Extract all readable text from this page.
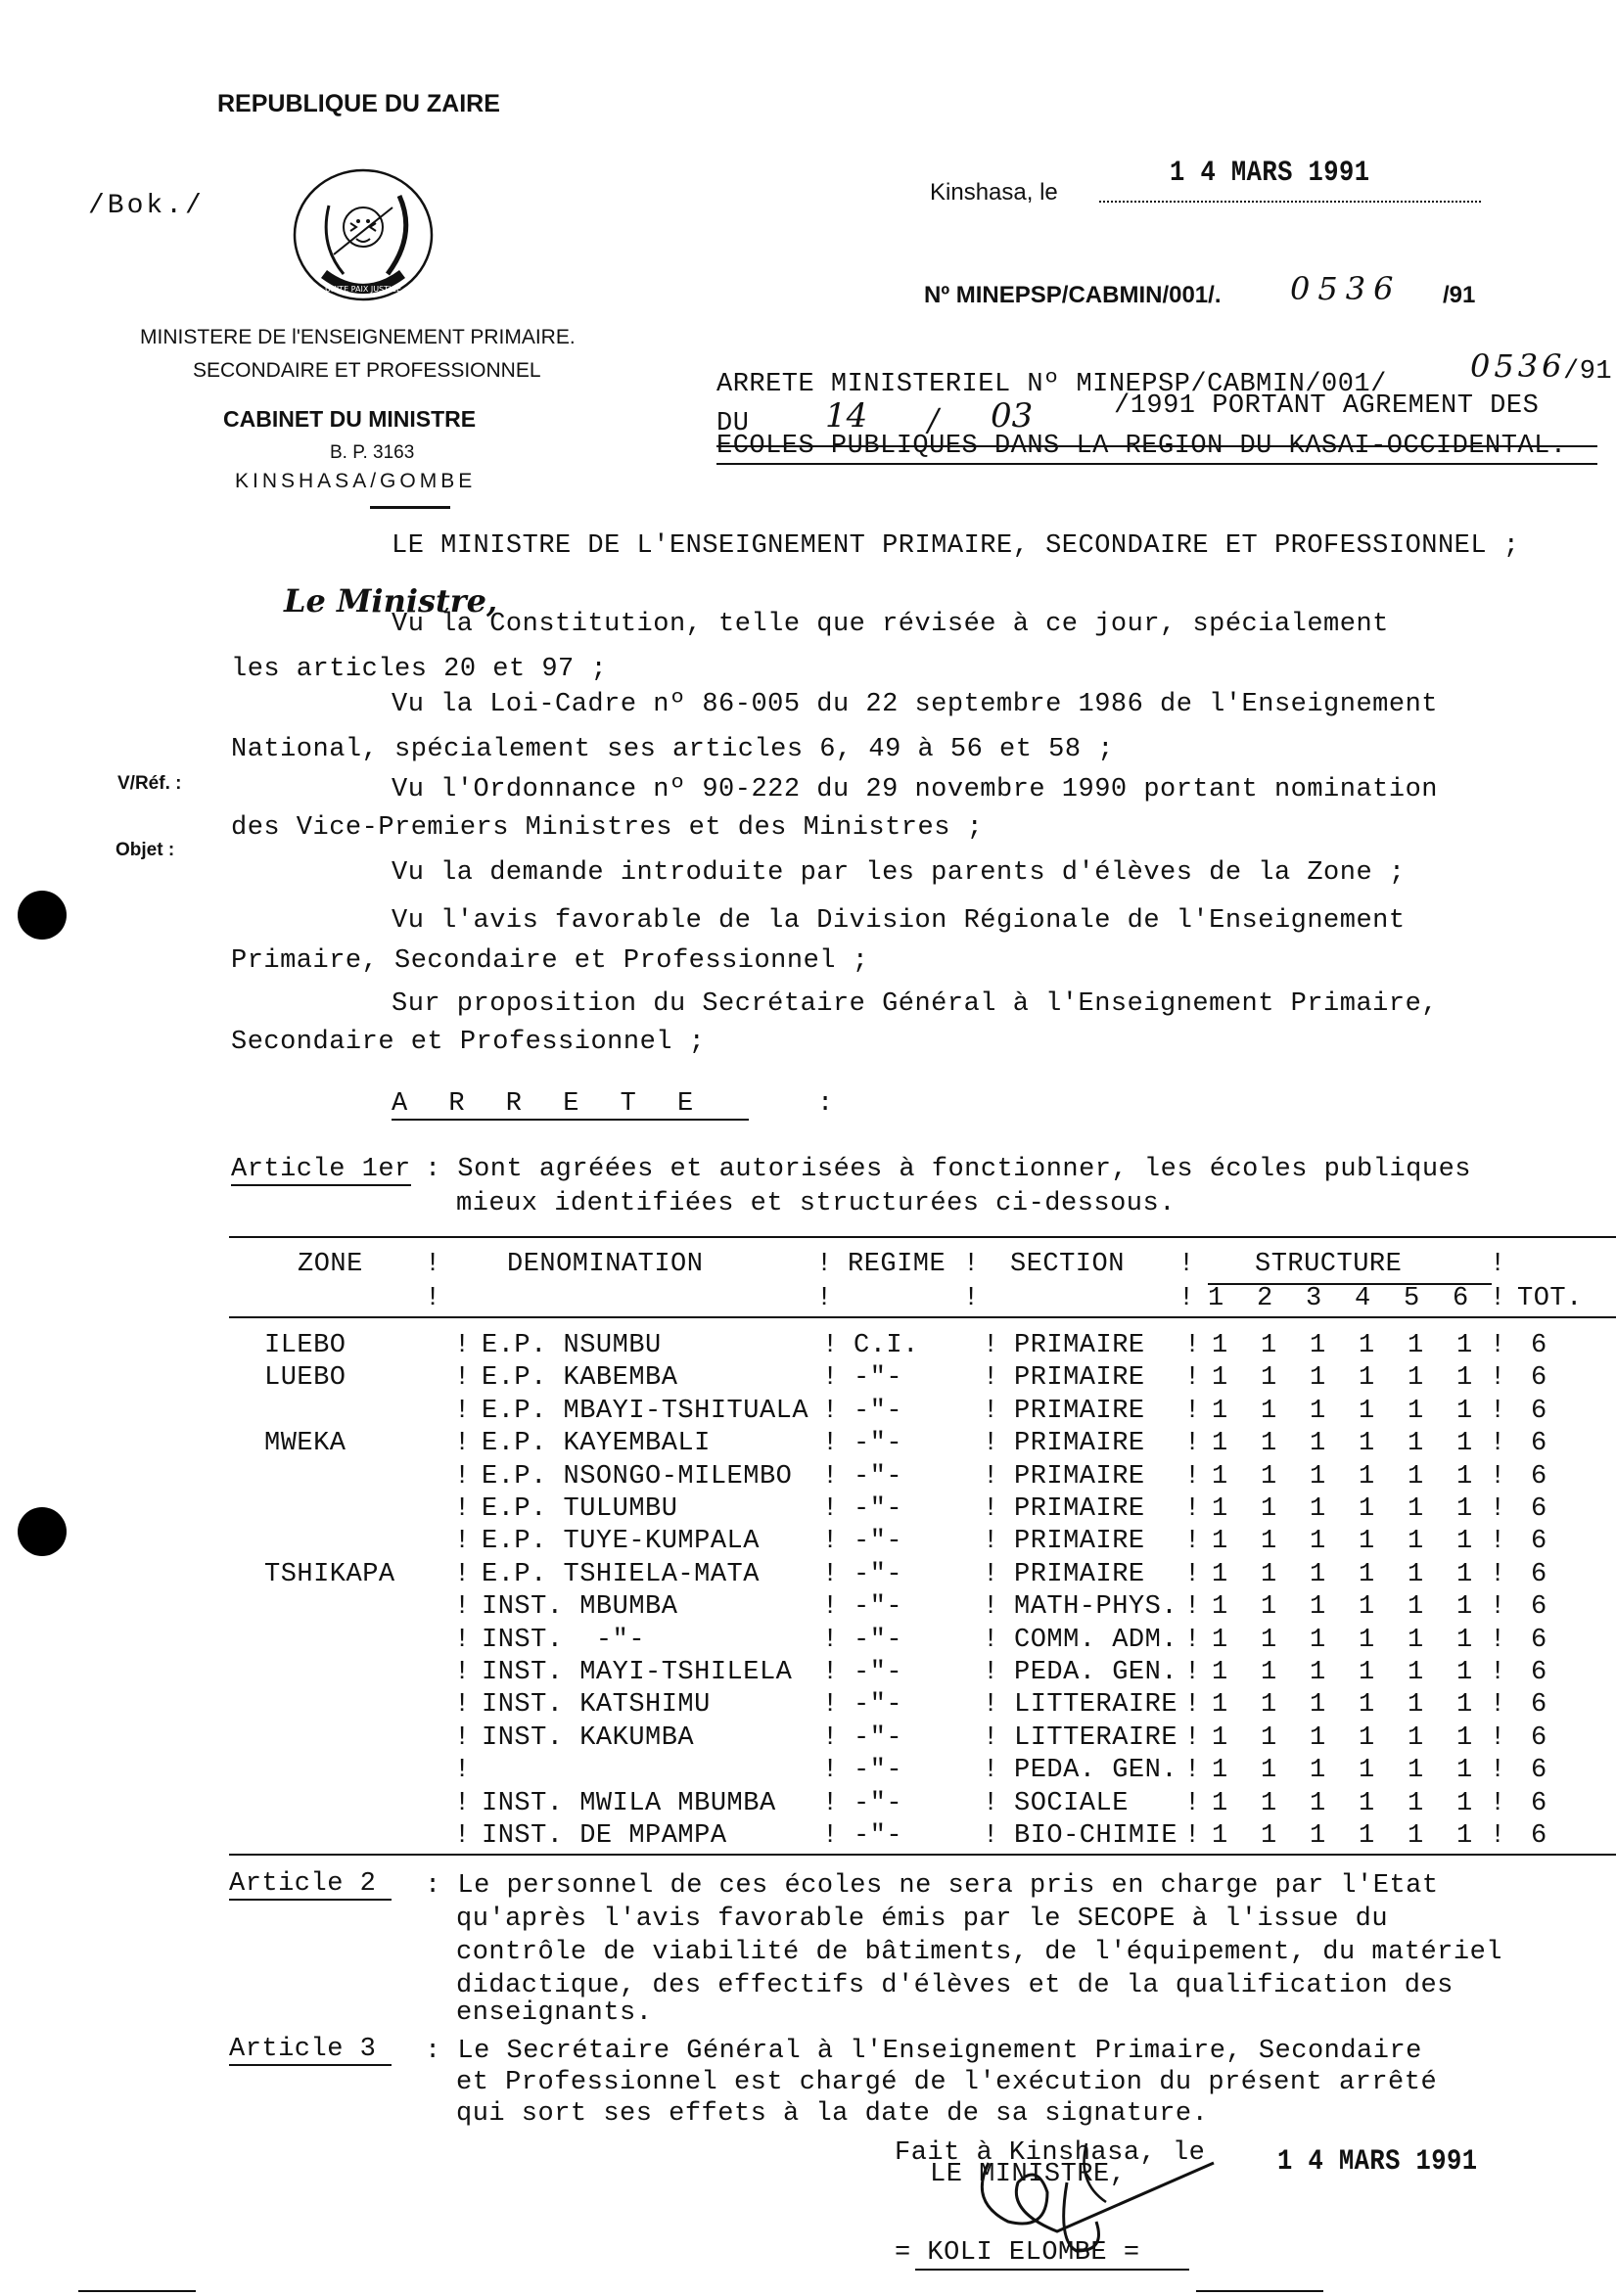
REPUBLIQUE DU ZAIRE
/Bok./
UNITE PAIX JUSTICE
MINISTERE DE l'ENSEIGNEMENT PRIMAIRE.
SECONDAIRE ET PROFESSIONNEL
CABINET DU MINISTRE
B. P. 3163
KINSHASA/GOMBE
Kinshasa, le
1 4 MARS 1991
Nº MINEPSP/CABMIN/001/. 0536 /91
ARRETE MINISTERIEL Nº MINEPSP/CABMIN/001/	0536
/91
DU 14 / 03	/1991 PORTANT AGREMENT DES
ECOLES PUBLIQUES DANS LA REGION DU KASAI-OCCIDENTAL.
LE MINISTRE DE L'ENSEIGNEMENT PRIMAIRE, SECONDAIRE ET PROFESSIONNEL ;
Le Ministre,
V/Réf. :
Objet :
Vu la Constitution, telle que révisée à ce jour, spécialement
les articles 20 et 97 ;
Vu la Loi-Cadre nº 86-005 du 22 septembre 1986 de l'Enseignement
National, spécialement ses articles 6, 49 à 56 et 58 ;
Vu l'Ordonnance nº 90-222 du 29 novembre 1990 portant nomination
des Vice-Premiers Ministres et des Ministres ;
Vu la demande introduite par les parents d'élèves de la Zone ;
Vu l'avis favorable de la Division Régionale de l'Enseignement
Primaire, Secondaire et Professionnel ;
Sur proposition du Secrétaire Général à l'Enseignement Primaire,
Secondaire et Professionnel ;
A R R E T E	:
Article 1er : Sont agréées et autorisées à fonctionner, les écoles publiques
mieux identifiées et structurées ci-dessous.
ZONE ! DENOMINATION	! REGIME ! SECTION ! STRUCTURE	!
!	!	!	! 1 2 3 4 5 6 ! TOT.
ILEBO	! E.P. NSUMBU	! C.I. ! PRIMAIRE ! 1 1 1 1 1 1 ! 6
LUEBO	! E.P. KABEMBA	! -"-	! PRIMAIRE ! 1 1 1 1 1 1 ! 6
! E.P. MBAYI-TSHITUALA ! -"-	! PRIMAIRE ! 1 1 1 1 1 1 ! 6
MWEKA	! E.P. KAYEMBALI	! -"-	! PRIMAIRE ! 1 1 1 1 1 1 ! 6
! E.P. NSONGO-MILEMBO ! -"-	! PRIMAIRE ! 1 1 1 1 1 1 ! 6
! E.P. TULUMBU	! -"-	! PRIMAIRE ! 1 1 1 1 1 1 ! 6
! E.P. TUYE-KUMPALA ! -"-	! PRIMAIRE ! 1 1 1 1 1 1 ! 6
TSHIKAPA ! E.P. TSHIELA-MATA ! -"-	! PRIMAIRE ! 1 1 1 1 1 1 ! 6
! INST. MBUMBA	! -"-	! MATH-PHYS. ! 1 1 1 1 1 1 ! 6
! INST.  -"-	! -"-	! COMM. ADM. ! 1 1 1 1 1 1 ! 6
! INST. MAYI-TSHILELA ! -"-	! PEDA. GEN. ! 1 1 1 1 1 1 ! 6
! INST. KATSHIMU	! -"-	! LITTERAIRE ! 1 1 1 1 1 1 ! 6
! INST. KAKUMBA	! -"-	! LITTERAIRE ! 1 1 1 1 1 1 ! 6
!	! -"-	! PEDA. GEN. ! 1 1 1 1 1 1 ! 6
! INST. MWILA MBUMBA ! -"-	! SOCIALE ! 1 1 1 1 1 1 ! 6
! INST. DE MPAMPA	! -"-	! BIO-CHIMIE ! 1 1 1 1 1 1 ! 6
Article 2	: Le personnel de ces écoles ne sera pris en charge par l'Etat
qu'après l'avis favorable émis par le SECOPE à l'issue du
contrôle de viabilité de bâtiments, de l'équipement, du matériel
didactique, des effectifs d'élèves et de la qualification des
enseignants.
Article 3	: Le Secrétaire Général à l'Enseignement Primaire, Secondaire
et Professionnel est chargé de l'exécution du présent arrêté
qui sort ses effets à la date de sa signature.
Fait à Kinshasa, le 1 4 MARS 1991
LE MINISTRE,
= KOLI ELOMBE =
